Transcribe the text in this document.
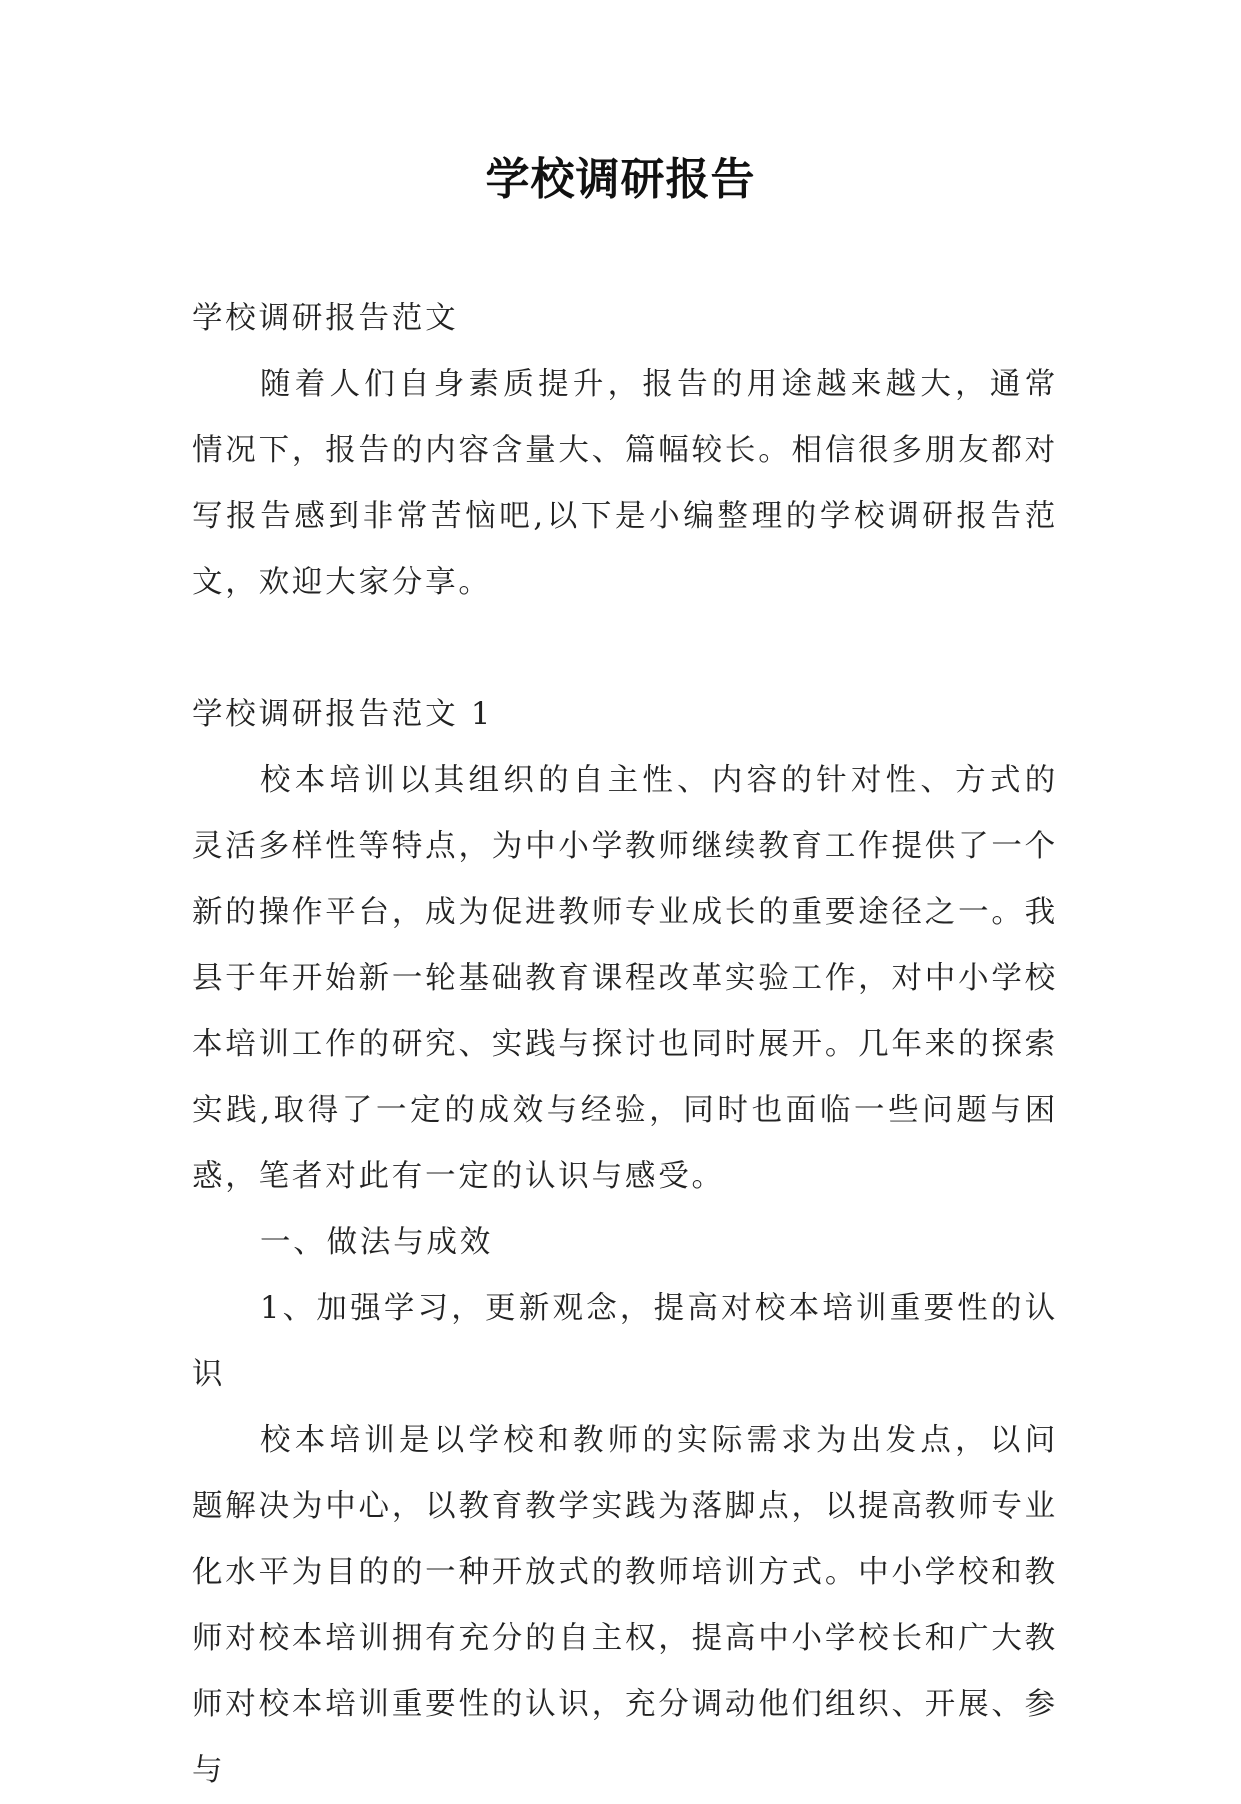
学校调研报告

学校调研报告范文

随着人们自身素质提升，报告的用途越来越大，通常情况下，报告的内容含量大、篇幅较长。相信很多朋友都对写报告感到非常苦恼吧,以下是小编整理的学校调研报告范文，欢迎大家分享。

学校调研报告范文 1

校本培训以其组织的自主性、内容的针对性、方式的灵活多样性等特点，为中小学教师继续教育工作提供了一个新的操作平台，成为促进教师专业成长的重要途径之一。我县于年开始新一轮基础教育课程改革实验工作，对中小学校本培训工作的研究、实践与探讨也同时展开。几年来的探索实践,取得了一定的成效与经验，同时也面临一些问题与困惑，笔者对此有一定的认识与感受。

一、做法与成效

1、加强学习，更新观念，提高对校本培训重要性的认识

校本培训是以学校和教师的实际需求为出发点，以问题解决为中心，以教育教学实践为落脚点，以提高教师专业化水平为目的的一种开放式的教师培训方式。中小学校和教师对校本培训拥有充分的自主权，提高中小学校长和广大教师对校本培训重要性的认识，充分调动他们组织、开展、参与
